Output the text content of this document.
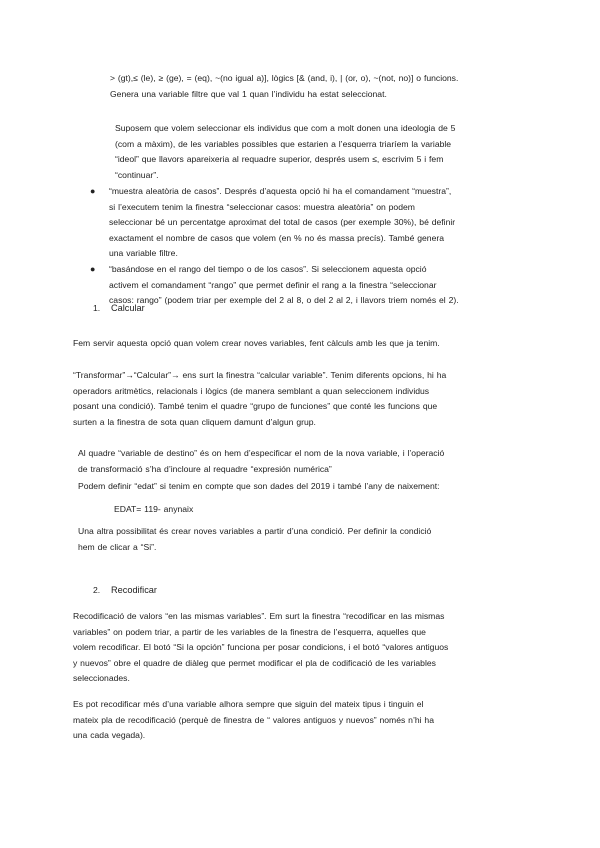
> (gt),≤ (le), ≥ (ge), = (eq), ~(no igual a)], lògics [& (and, i), | (or, o), ~(not, no)] o funcions.
Genera una variable filtre que val 1 quan l’individu ha estat seleccionat.
Suposem que volem seleccionar els individus que com a molt donen una ideologia de 5
(com a màxim), de les variables possibles que estarien a l’esquerra triaríem la variable
“ideol” que llavors apareixeria al requadre superior, després usem ≤, escrivim 5 i fem
“continuar”.
● “muestra aleatòria de casos”. Després d’aquesta opció hi ha el comandament “muestra”,
si l’executem tenim la finestra “seleccionar casos: muestra aleatòria” on podem
seleccionar bé un percentatge aproximat del total de casos (per exemple 30%), bé definir
exactament el nombre de casos que volem (en % no és massa precís). També genera
una variable filtre.
● “basándose en el rango del tiempo o de los casos”. Si seleccionem aquesta opció
activem el comandament “rango” que permet definir el rang a la finestra “seleccionar
casos: rango” (podem triar per exemple del 2 al 8, o del 2 al 2, i llavors triem només el 2).
1. Calcular
Fem servir aquesta opció quan volem crear noves variables, fent càlculs amb les que ja tenim.
“Transformar”→“Calcular”→ ens surt la finestra “calcular variable”. Tenim diferents opcions, hi ha
operadors aritmètics, relacionals i lògics (de manera semblant a quan seleccionem individus
posant una condició). També tenim el quadre “grupo de funciones” que conté les funcions que
surten a la finestra de sota quan cliquem damunt d’algun grup.
Al quadre “variable de destino” és on hem d’especificar el nom de la nova variable, i l’operació
de transformació s’ha d’incloure al requadre “expresión numérica”
Podem definir “edat” si tenim en compte que son dades del 2019 i també l’any de naixement:
EDAT= 119- anynaix
Una altra possibilitat és crear noves variables a partir d’una condició. Per definir la condició
hem de clicar a “Si”.
2. Recodificar
Recodificació de valors “en las mismas variables”. Em surt la finestra “recodificar en las mismas
variables” on podem triar, a partir de les variables de la finestra de l’esquerra, aquelles que
volem recodificar. El botó “Si la opción” funciona per posar condicions, i el botó “valores antiguos
y nuevos” obre el quadre de diàleg que permet modificar el pla de codificació de les variables
seleccionades.
Es pot recodificar més d’una variable alhora sempre que siguin del mateix tipus i tinguin el
mateix pla de recodificació (perquè de finestra de “ valores antiguos y nuevos” només n’hi ha
una cada vegada).
